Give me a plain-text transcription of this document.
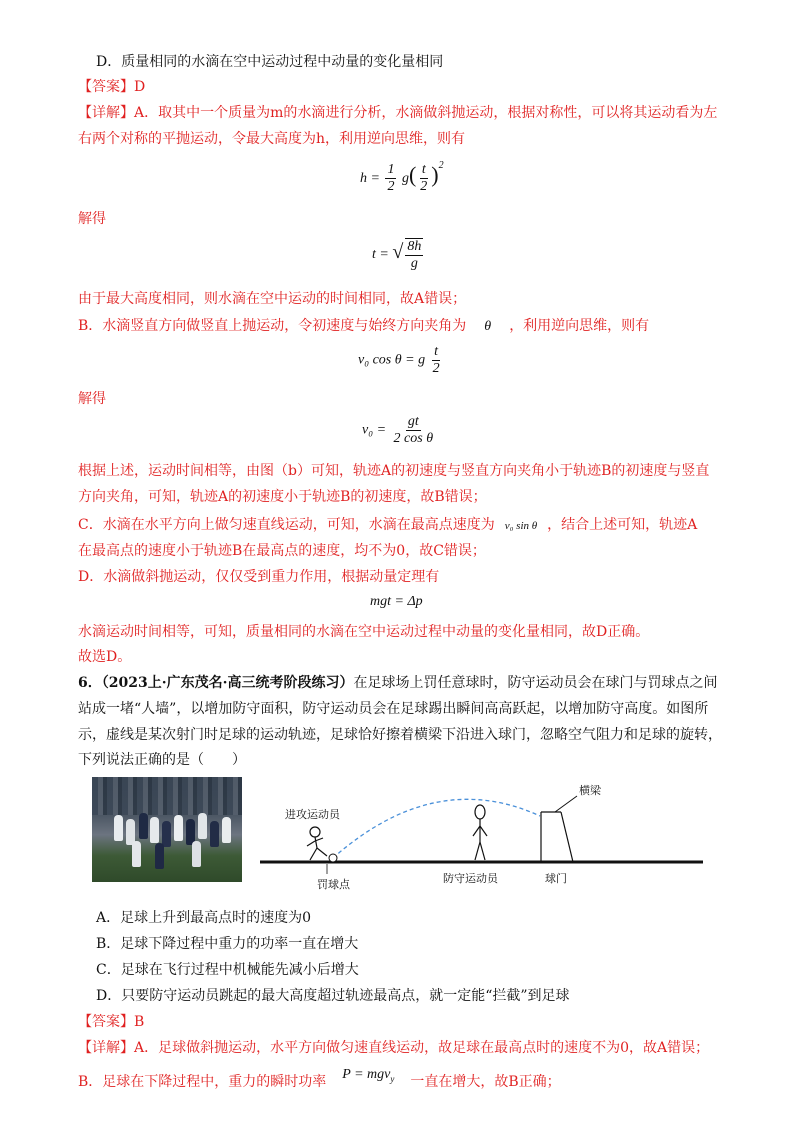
D．质量相同的水滴在空中运动过程中动量的变化量相同
【答案】D
【详解】A．取其中一个质量为m的水滴进行分析，水滴做斜抛运动，根据对称性，可以将其运动看为左
右两个对称的平抛运动，令最大高度为h，利用逆向思维，则有
$h = \frac{1}{2} g( \frac{t}{2} )^2$
解得
t = √ $\frac{8h}{g}$
由于最大高度相同，则水滴在空中运动的时间相同，故A错误；
B．水滴竖直方向做竖直上抛运动，令初速度与始终方向夹角为 θ ，利用逆向思维，则有
v₀ cos θ = g $\frac{t}{2}$
解得
$v_0 = \frac{gt}{\text{2 cos θ}}$
根据上述，运动时间相等，由图（b）可知，轨迹A的初速度与竖直方向夹角小于轨迹B的初速度与竖直
方向夹角，可知，轨迹A的初速度小于轨迹B的初速度，故B错误；
C．水滴在水平方向上做匀速直线运动，可知，水滴在最高点速度为 v₀ sin θ ，结合上述可知，轨迹A
在最高点的速度小于轨迹B在最高点的速度，均不为0，故C错误；
D．水滴做斜抛运动，仅仅受到重力作用，根据动量定理有
mgt = Δp
水滴运动时间相等，可知，质量相同的水滴在空中运动过程中动量的变化量相同，故D正确。
故选D。
6．（2023上·广东茂名·高三统考阶段练习）在足球场上罚任意球时，防守运动员会在球门与罚球点之间
站成一堵“人墙”，以增加防守面积，防守运动员会在足球踢出瞬间高高跃起，以增加防守高度。如图所
示，虚线是某次射门时足球的运动轨迹，足球恰好擦着横梁下沿进入球门，忽略空气阻力和足球的旋转，
下列说法正确的是（　　）
进攻运动员
横梁
罚球点	防守运动员	球门
A．足球上升到最高点时的速度为0
B．足球下降过程中重力的功率一直在增大
C．足球在飞行过程中机械能先减小后增大
D．只要防守运动员跳起的最大高度超过轨迹最高点，就一定能“拦截”到足球
【答案】B
【详解】A．足球做斜抛运动，水平方向做匀速直线运动，故足球在最高点时的速度不为0，故A错误；
B．足球在下降过程中，重力的瞬时功率 P = mgv$_y$ 一直在增大，故B正确；
